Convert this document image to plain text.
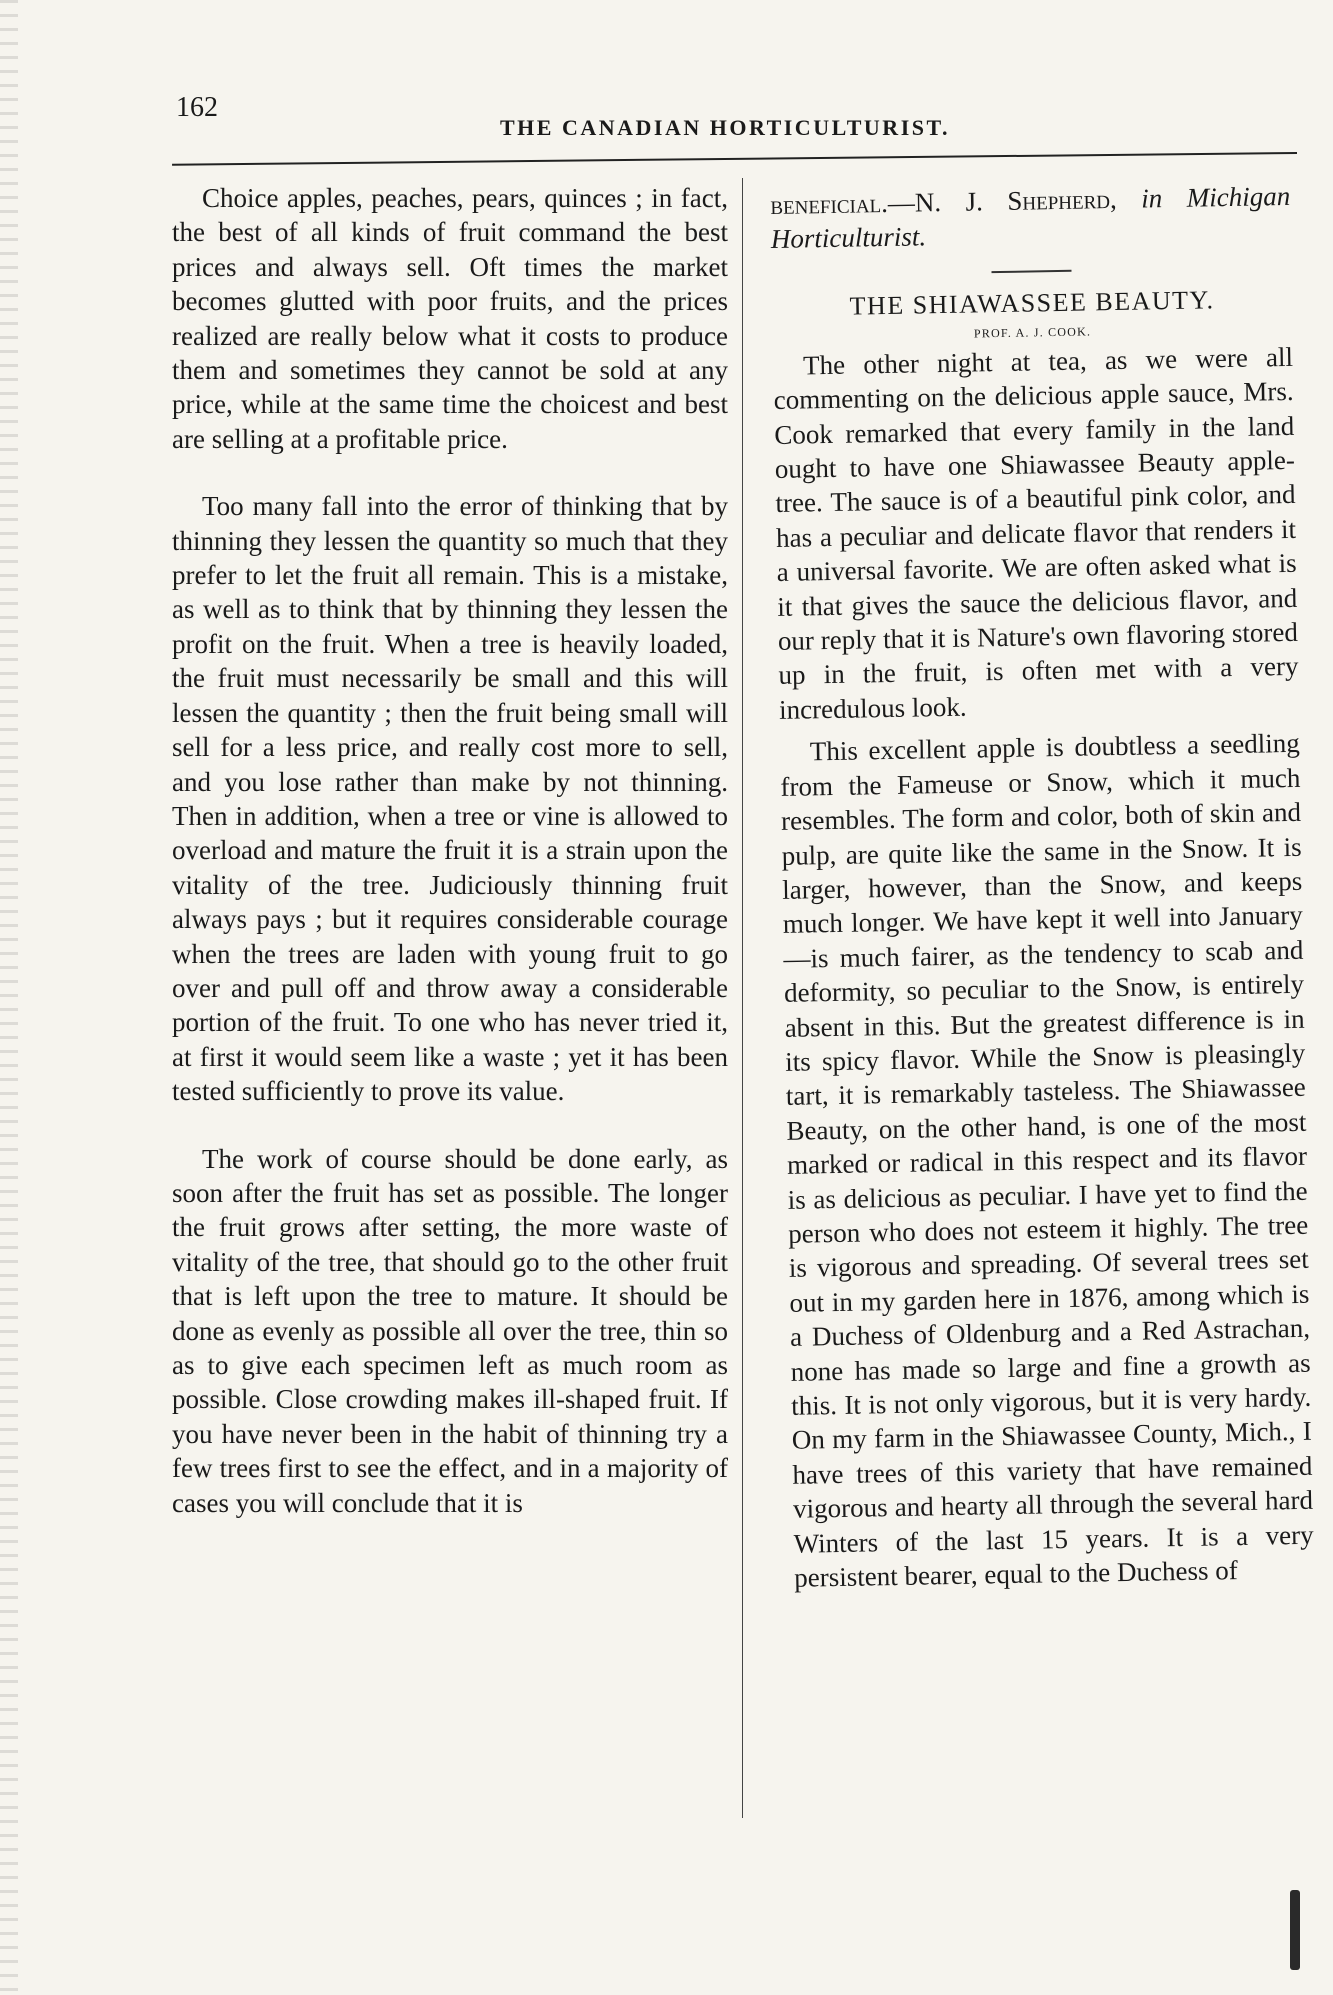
162
THE CANADIAN HORTICULTURIST.

Choice apples, peaches, pears, quinces ; in fact, the best of all kinds of fruit command the best prices and always sell. Oft times the market becomes glutted with poor fruits, and the prices realized are really below what it costs to produce them and sometimes they cannot be sold at any price, while at the same time the choicest and best are selling at a profitable price.

Too many fall into the error of thinking that by thinning they lessen the quantity so much that they prefer to let the fruit all remain. This is a mistake, as well as to think that by thinning they lessen the profit on the fruit. When a tree is heavily loaded, the fruit must necessarily be small and this will lessen the quantity ; then the fruit being small will sell for a less price, and really cost more to sell, and you lose rather than make by not thinning. Then in addition, when a tree or vine is allowed to overload and mature the fruit it is a strain upon the vitality of the tree. Judiciously thinning fruit always pays ; but it requires considerable courage when the trees are laden with young fruit to go over and pull off and throw away a considerable portion of the fruit. To one who has never tried it, at first it would seem like a waste ; yet it has been tested sufficiently to prove its value.

The work of course should be done early, as soon after the fruit has set as possible. The longer the fruit grows after setting, the more waste of vitality of the tree, that should go to the other fruit that is left upon the tree to mature. It should be done as evenly as possible all over the tree, thin so as to give each specimen left as much room as possible. Close crowding makes ill-shaped fruit. If you have never been in the habit of thinning try a few trees first to see the effect, and in a majority of cases you will conclude that it is

beneficial.—N. J. Shepherd, in Michigan Horticulturist.

THE SHIAWASSEE BEAUTY.
PROF. A. J. COOK.

The other night at tea, as we were all commenting on the delicious apple sauce, Mrs. Cook remarked that every family in the land ought to have one Shiawassee Beauty apple-tree. The sauce is of a beautiful pink color, and has a peculiar and delicate flavor that renders it a universal favorite. We are often asked what is it that gives the sauce the delicious flavor, and our reply that it is Nature's own flavoring stored up in the fruit, is often met with a very incredulous look.

This excellent apple is doubtless a seedling from the Fameuse or Snow, which it much resembles. The form and color, both of skin and pulp, are quite like the same in the Snow. It is larger, however, than the Snow, and keeps much longer. We have kept it well into January—is much fairer, as the tendency to scab and deformity, so peculiar to the Snow, is entirely absent in this. But the greatest difference is in its spicy flavor. While the Snow is pleasingly tart, it is remarkably tasteless. The Shiawassee Beauty, on the other hand, is one of the most marked or radical in this respect and its flavor is as delicious as peculiar. I have yet to find the person who does not esteem it highly. The tree is vigorous and spreading. Of several trees set out in my garden here in 1876, among which is a Duchess of Oldenburg and a Red Astrachan, none has made so large and fine a growth as this. It is not only vigorous, but it is very hardy. On my farm in the Shiawassee County, Mich., I have trees of this variety that have remained vigorous and hearty all through the several hard Winters of the last 15 years. It is a very persistent bearer, equal to the Duchess of
